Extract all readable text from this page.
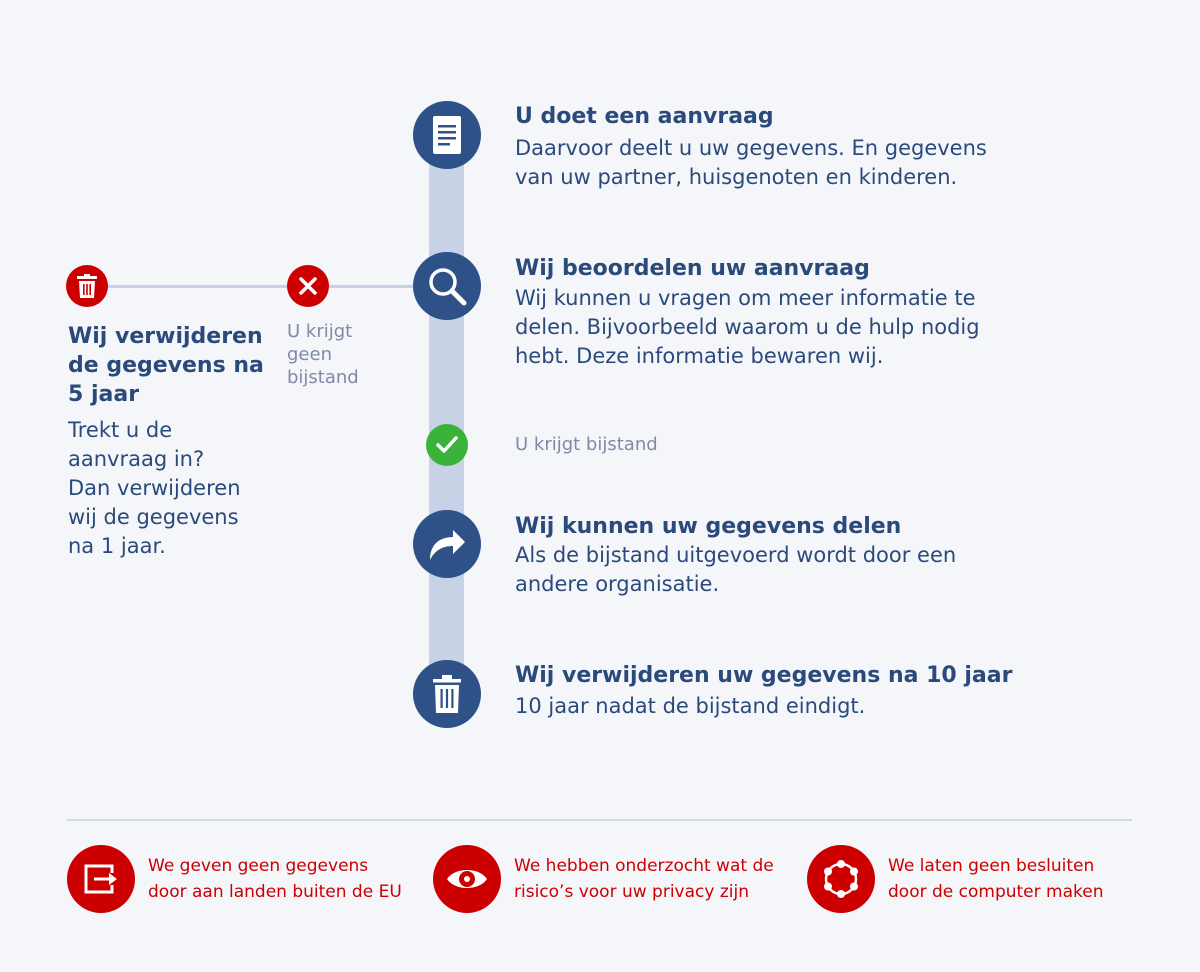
U doet een aanvraag
Daarvoor deelt u uw gegevens. En gegevens
van uw partner, huisgenoten en kinderen.
Wij beoordelen uw aanvraag
Wij kunnen u vragen om meer informatie te
delen. Bijvoorbeeld waarom u de hulp nodig
hebt. Deze informatie bewaren wij.
U krijgt
geen
bijstand
Wij verwijderen
de gegevens na
5 jaar
Trekt u de
aanvraag in?
Dan verwijderen
wij de gegevens
na 1 jaar.
U krijgt bijstand
Wij kunnen uw gegevens delen
Als de bijstand uitgevoerd wordt door een
andere organisatie.
Wij verwijderen uw gegevens na 10 jaar
10 jaar nadat de bijstand eindigt.
We geven geen gegevens
door aan landen buiten de EU
We hebben onderzocht wat de
risico’s voor uw privacy zijn
We laten geen besluiten
door de computer maken
